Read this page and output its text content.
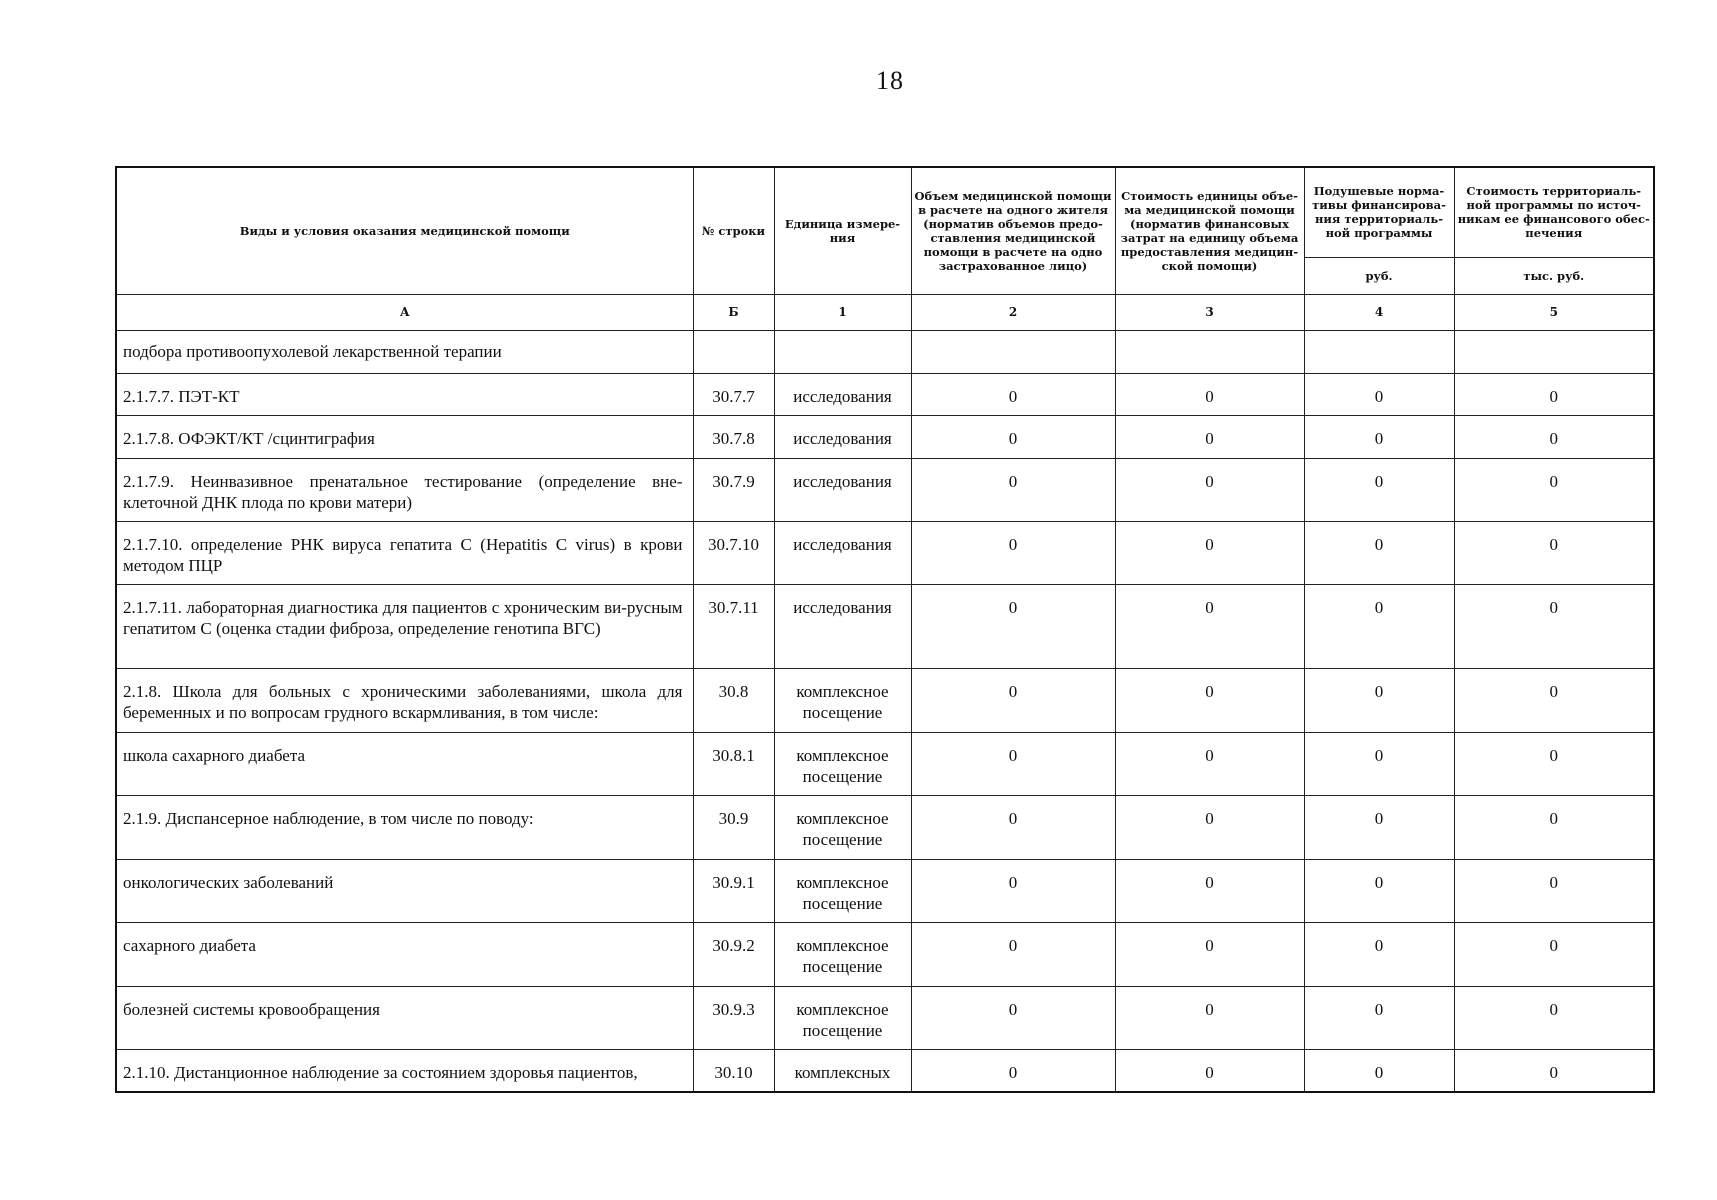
18
Виды и условия оказания медицинской помощи	№ строки	Единица измере-ния	Объем медицинской помощи в расчете на одного жителя (норматив объемов предо-ставления медицинской помощи в расчете на одно застрахованное лицо)	Стоимость единицы объе-ма медицинской помощи (норматив финансовых затрат на единицу объема предоставления медицин-ской помощи)	Подушевые норма-тивы финансирова-ния территориаль-ной программы	Стоимость территориаль-ной программы по источ-никам ее финансового обес-печения
					руб.	тыс. руб.
А	Б	1	2	3	4	5
подбора противоопухолевой лекарственной терапии						
2.1.7.7. ПЭТ-КТ	30.7.7	исследования	0	0	0	0
2.1.7.8. ОФЭКТ/КТ /сцинтиграфия	30.7.8	исследования	0	0	0	0
2.1.7.9. Неинвазивное пренатальное тестирование (определение вне-клеточной ДНК плода по крови матери)	30.7.9	исследования	0	0	0	0
2.1.7.10. определение РНК вируса гепатита С (Hepatitis C virus) в крови методом ПЦР	30.7.10	исследования	0	0	0	0
2.1.7.11. лабораторная диагностика для пациентов с хроническим ви-русным гепатитом С (оценка стадии фиброза, определение генотипа ВГС)	30.7.11	исследования	0	0	0	0
2.1.8. Школа для больных с хроническими заболеваниями, школа для беременных и по вопросам грудного вскармливания, в том числе:	30.8	комплексное посещение	0	0	0	0
школа сахарного диабета	30.8.1	комплексное посещение	0	0	0	0
2.1.9. Диспансерное наблюдение, в том числе по поводу:	30.9	комплексное посещение	0	0	0	0
онкологических заболеваний	30.9.1	комплексное посещение	0	0	0	0
сахарного диабета	30.9.2	комплексное посещение	0	0	0	0
болезней системы кровообращения	30.9.3	комплексное посещение	0	0	0	0
2.1.10. Дистанционное наблюдение за состоянием здоровья пациентов,	30.10	комплексных	0	0	0	0
